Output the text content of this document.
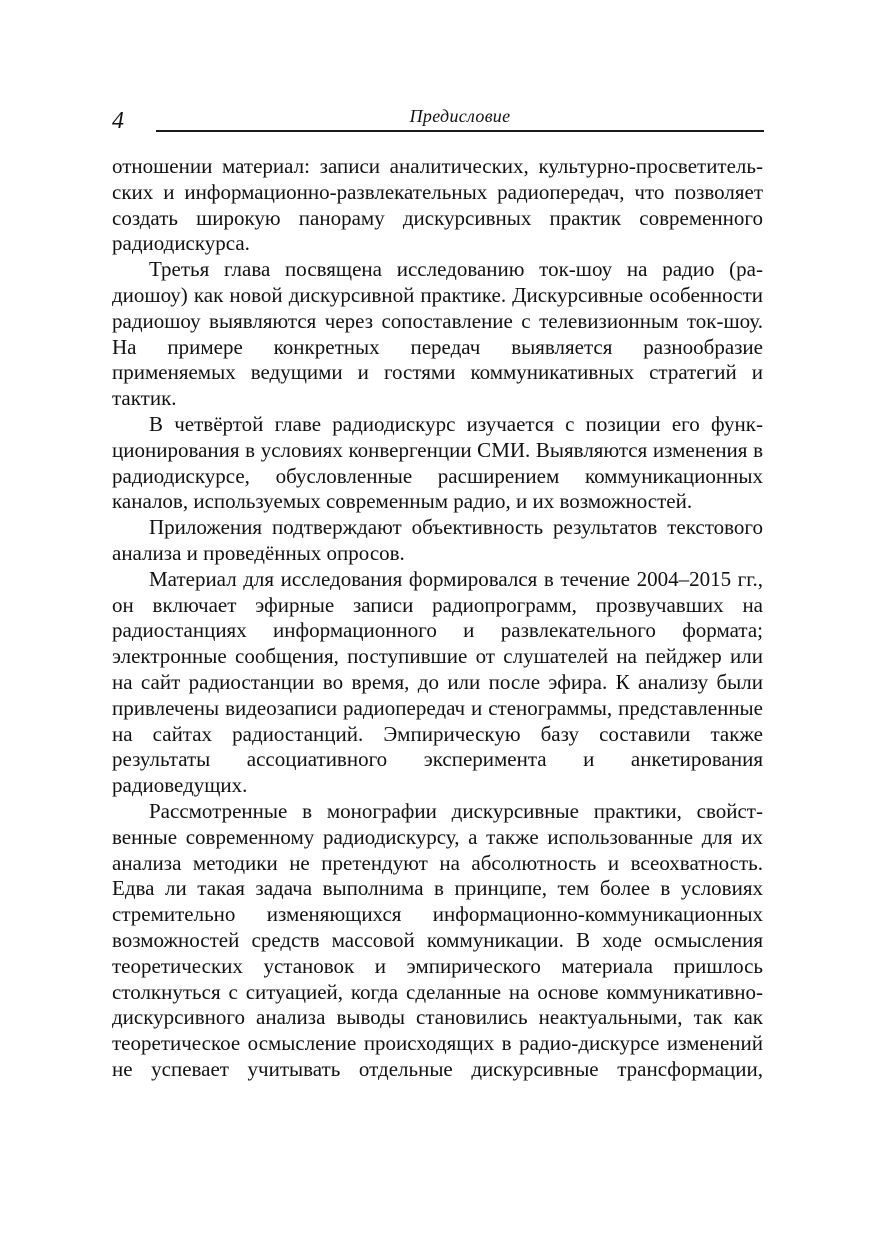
4	Предисловие

отношении материал: записи аналитических, культурно-просветительских и информационно-развлекательных радиопередач, что позволяет создать широкую панораму дискурсивных практик современного радиодискурса.

Третья глава посвящена исследованию ток-шоу на радио (радиошоу) как новой дискурсивной практике. Дискурсивные особенности радиошоу выявляются через сопоставление с телевизионным ток-шоу. На примере конкретных передач выявляется разнообразие применяемых ведущими и гостями коммуникативных стратегий и тактик.

В четвёртой главе радиодискурс изучается с позиции его функционирования в условиях конвергенции СМИ. Выявляются изменения в радиодискурсе, обусловленные расширением коммуникационных каналов, используемых современным радио, и их возможностей.

Приложения подтверждают объективность результатов текстового анализа и проведённых опросов.

Материал для исследования формировался в течение 2004–2015 гг., он включает эфирные записи радиопрограмм, прозвучавших на радиостанциях информационного и развлекательного формата; электронные сообщения, поступившие от слушателей на пейджер или на сайт радиостанции во время, до или после эфира. К анализу были привлечены видеозаписи радиопередач и стенограммы, представленные на сайтах радиостанций. Эмпирическую базу составили также результаты ассоциативного эксперимента и анкетирования радиоведущих.

Рассмотренные в монографии дискурсивные практики, свойственные современному радиодискурсу, а также использованные для их анализа методики не претендуют на абсолютность и всеохватность. Едва ли такая задача выполнима в принципе, тем более в условиях стремительно изменяющихся информационно-коммуникационных возможностей средств массовой коммуникации. В ходе осмысления теоретических установок и эмпирического материала пришлось столкнуться с ситуацией, когда сделанные на основе коммуникативно-дискурсивного анализа выводы становились неактуальными, так как теоретическое осмысление происходящих в радио-дискурсе изменений не успевает учитывать отдельные дискурсивные трансформации,
